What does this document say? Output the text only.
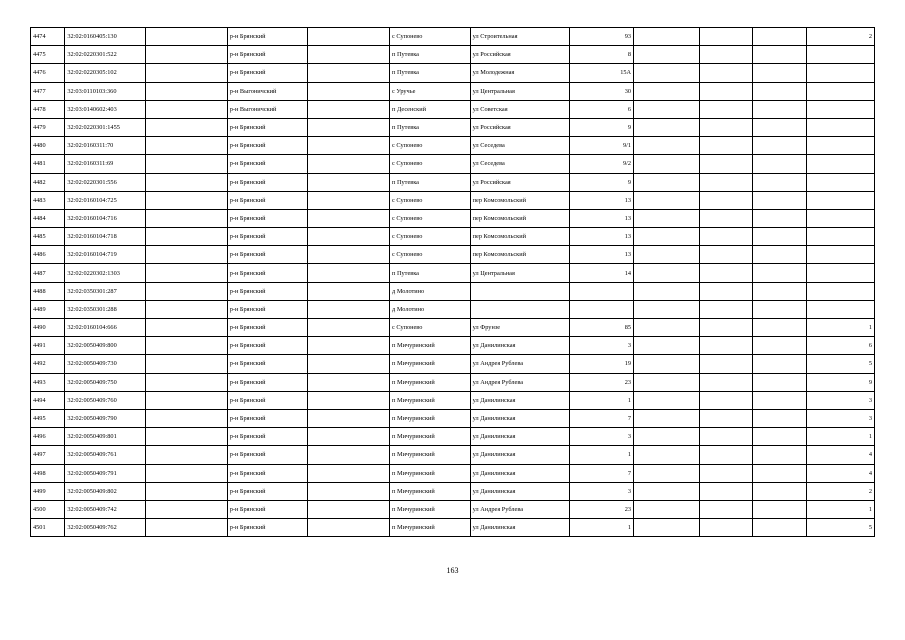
4474	32:02:0160405:130		р-н Брянский		с Супонево	ул Строительная	93				2
4475	32:02:0220301:522		р-н Брянский		п Путевка	ул Российская	8				
4476	32:02:0220305:102		р-н Брянский		п Путевка	ул Молодежная	15А				
4477	32:03:0110103:360		р-н Выгоничский		с Уручье	ул Центральная	30				
4478	32:03:0140602:403		р-н Выгоничский		п Десенский	ул Советская	6				
4479	32:02:0220301:1455		р-н Брянский		п Путевка	ул Российская	9				
4480	32:02:0160311:70		р-н Брянский		с Супонево	ул Сеседева	9/1				
4481	32:02:0160311:69		р-н Брянский		с Супонево	ул Сеседева	9/2				
4482	32:02:0220301:556		р-н Брянский		п Путевка	ул Российская	9				
4483	32:02:0160104:725		р-н Брянский		с Супонево	пер Комсомольский	13				
4484	32:02:0160104:716		р-н Брянский		с Супонево	пер Комсомольский	13				
4485	32:02:0160104:718		р-н Брянский		с Супонево	пер Комсомольский	13				
4486	32:02:0160104:719		р-н Брянский		с Супонево	пер Комсомольский	13				
4487	32:02:0220302:1303		р-н Брянский		п Путевка	ул Центральная	14				
4488	32:02:0350301:287		р-н Брянский		д Молотино						
4489	32:02:0350301:288		р-н Брянский		д Молотино						
4490	32:02:0160104:666		р-н Брянский		с Супонево	ул Фрунзе	85				1
4491	32:02:0050409:800		р-н Брянский		п Мичуринский	ул Данилинская	3				6
4492	32:02:0050409:730		р-н Брянский		п Мичуринский	ул Андрея Рублева	19				5
4493	32:02:0050409:750		р-н Брянский		п Мичуринский	ул Андрея Рублева	23				9
4494	32:02:0050409:760		р-н Брянский		п Мичуринский	ул Данилинская	1				3
4495	32:02:0050409:790		р-н Брянский		п Мичуринский	ул Данилинская	7				3
4496	32:02:0050409:801		р-н Брянский		п Мичуринский	ул Данилинская	3				1
4497	32:02:0050409:761		р-н Брянский		п Мичуринский	ул Данилинская	1				4
4498	32:02:0050409:791		р-н Брянский		п Мичуринский	ул Данилинская	7				4
4499	32:02:0050409:802		р-н Брянский		п Мичуринский	ул Данилинская	3				2
4500	32:02:0050409:742		р-н Брянский		п Мичуринский	ул Андрея Рублева	23				1
4501	32:02:0050409:762		р-н Брянский		п Мичуринский	ул Данилинская	1				5
163
